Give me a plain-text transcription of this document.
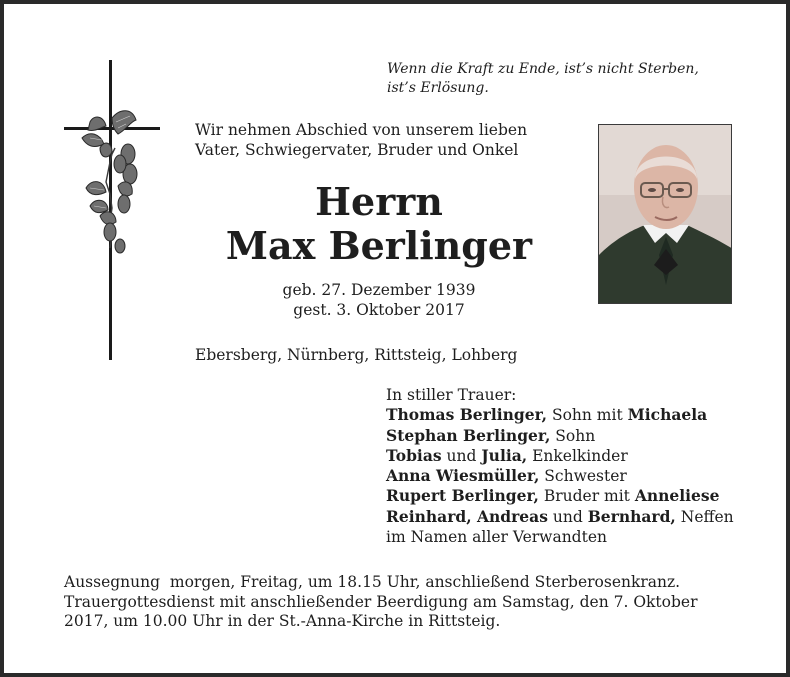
Wenn die Kraft zu Ende, ist’s nicht Sterben,
ist’s Erlösung.
Wir nehmen Abschied von unserem lieben
Vater, Schwiegervater, Bruder und Onkel
Herrn
Max Berlinger
geb. 27. Dezember 1939
gest. 3. Oktober 2017
Ebersberg, Nürnberg, Rittsteig, Lohberg
In stiller Trauer:
Thomas Berlinger, Sohn mit Michaela
Stephan Berlinger, Sohn
Tobias und Julia, Enkelkinder
Anna Wiesmüller, Schwester
Rupert Berlinger, Bruder mit Anneliese
Reinhard, Andreas und Bernhard, Neffen
im Namen aller Verwandten
Aussegnung  morgen, Freitag, um 18.15 Uhr, anschließend Sterberosenkranz.
Trauergottesdienst mit anschließender Beerdigung am Samstag, den 7. Oktober
2017, um 10.00 Uhr in der St.-Anna-Kirche in Rittsteig.
